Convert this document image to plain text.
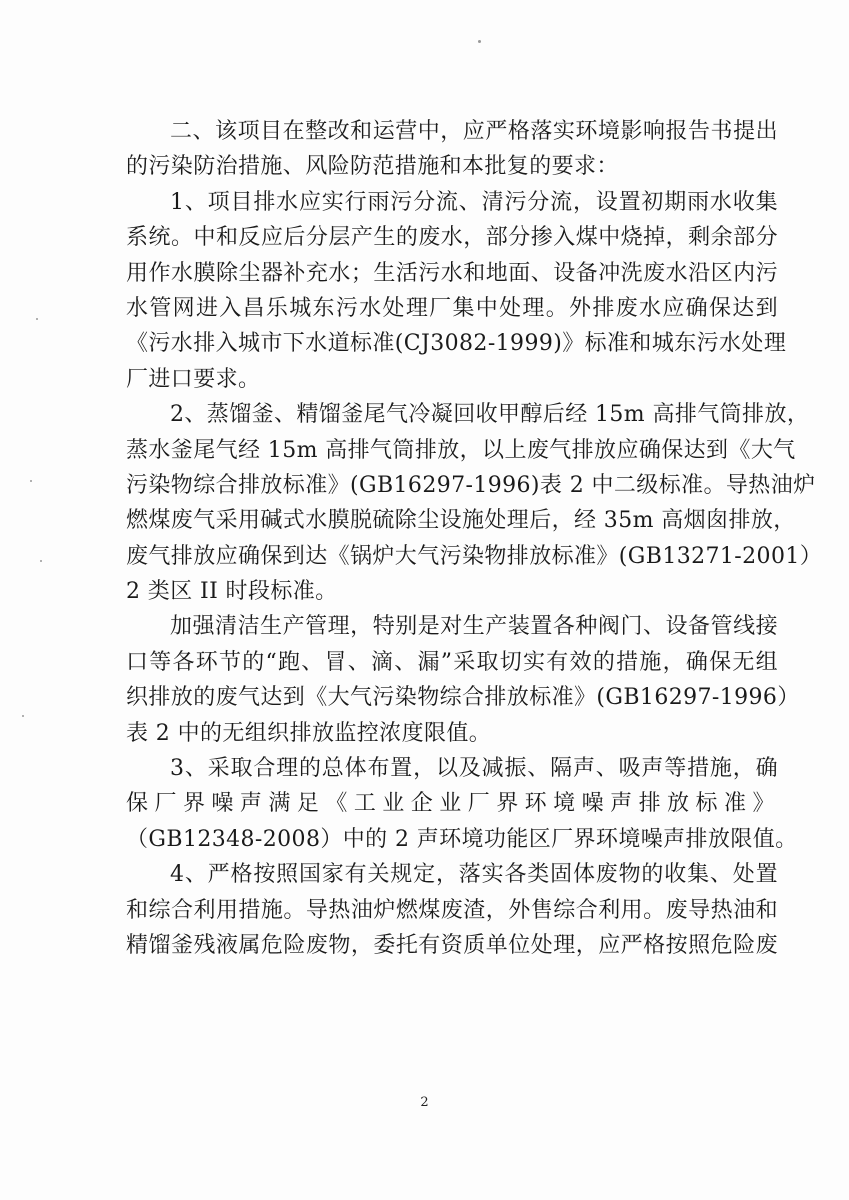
二、该项目在整改和运营中，应严格落实环境影响报告书提出
的污染防治措施、风险防范措施和本批复的要求：
1、项目排水应实行雨污分流、清污分流，设置初期雨水收集
系统。中和反应后分层产生的废水，部分掺入煤中烧掉，剩余部分
用作水膜除尘器补充水；生活污水和地面、设备冲洗废水沿区内污
水管网进入昌乐城东污水处理厂集中处理。外排废水应确保达到
《污水排入城市下水道标准(CJ3082-1999)》标准和城东污水处理
厂进口要求。
2、蒸馏釜、精馏釜尾气冷凝回收甲醇后经 15m 高排气筒排放，
蒸水釜尾气经 15m 高排气筒排放，以上废气排放应确保达到《大气
污染物综合排放标准》(GB16297-1996)表 2 中二级标准。导热油炉
燃煤废气采用碱式水膜脱硫除尘设施处理后，经 35m 高烟囱排放，
废气排放应确保到达《锅炉大气污染物排放标准》(GB13271-2001）
2 类区 II 时段标准。
加强清洁生产管理，特别是对生产装置各种阀门、设备管线接
口等各环节的“跑、冒、滴、漏”采取切实有效的措施，确保无组
织排放的废气达到《大气污染物综合排放标准》(GB16297-1996）
表 2 中的无组织排放监控浓度限值。
3、采取合理的总体布置，以及减振、隔声、吸声等措施，确
保厂界噪声满足《工业企业厂界环境噪声排放标准》
（GB12348-2008）中的 2 声环境功能区厂界环境噪声排放限值。
4、严格按照国家有关规定，落实各类固体废物的收集、处置
和综合利用措施。导热油炉燃煤废渣，外售综合利用。废导热油和
精馏釜残液属危险废物，委托有资质单位处理，应严格按照危险废
2
